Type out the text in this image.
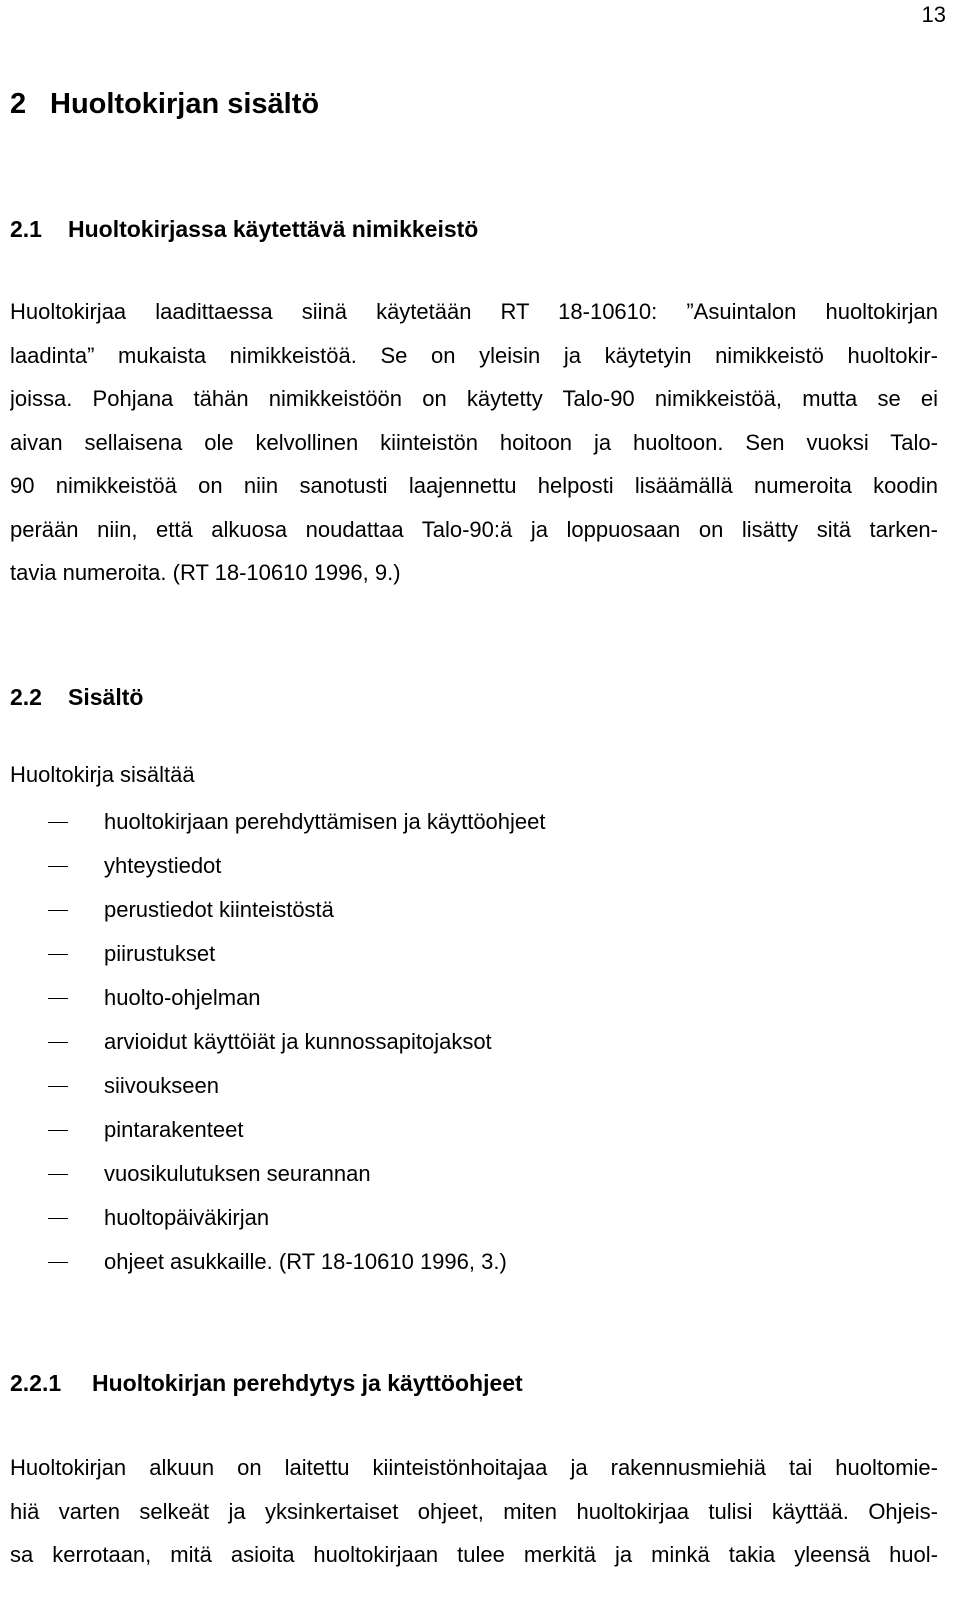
13
2 Huoltokirjan sisältö
2.1 Huoltokirjassa käytettävä nimikkeistö
Huoltokirjaa laadittaessa siinä käytetään RT 18-10610: ”Asuintalon huoltokirjan
laadinta” mukaista nimikkeistöä. Se on yleisin ja käytetyin nimikkeistö huoltokir-
joissa. Pohjana tähän nimikkeistöön on käytetty Talo-90 nimikkeistöä, mutta se ei
aivan sellaisena ole kelvollinen kiinteistön hoitoon ja huoltoon. Sen vuoksi Talo-
90 nimikkeistöä on niin sanotusti laajennettu helposti lisäämällä numeroita koodin
perään niin, että alkuosa noudattaa Talo-90:ä ja loppuosaan on lisätty sitä tarken-
tavia numeroita. (RT 18-10610 1996, 9.)
2.2 Sisältö
Huoltokirja sisältää
huoltokirjaan perehdyttämisen ja käyttöohjeet
yhteystiedot
perustiedot kiinteistöstä
piirustukset
huolto-ohjelman
arvioidut käyttöiät ja kunnossapitojaksot
siivoukseen
pintarakenteet
vuosikulutuksen seurannan
huoltopäiväkirjan
ohjeet asukkaille. (RT 18-10610 1996, 3.)
2.2.1 Huoltokirjan perehdytys ja käyttöohjeet
Huoltokirjan alkuun on laitettu kiinteistönhoitajaa ja rakennusmiehiä tai huoltomie-
hiä varten selkeät ja yksinkertaiset ohjeet, miten huoltokirjaa tulisi käyttää. Ohjeis-
sa kerrotaan, mitä asioita huoltokirjaan tulee merkitä ja minkä takia yleensä huol-
